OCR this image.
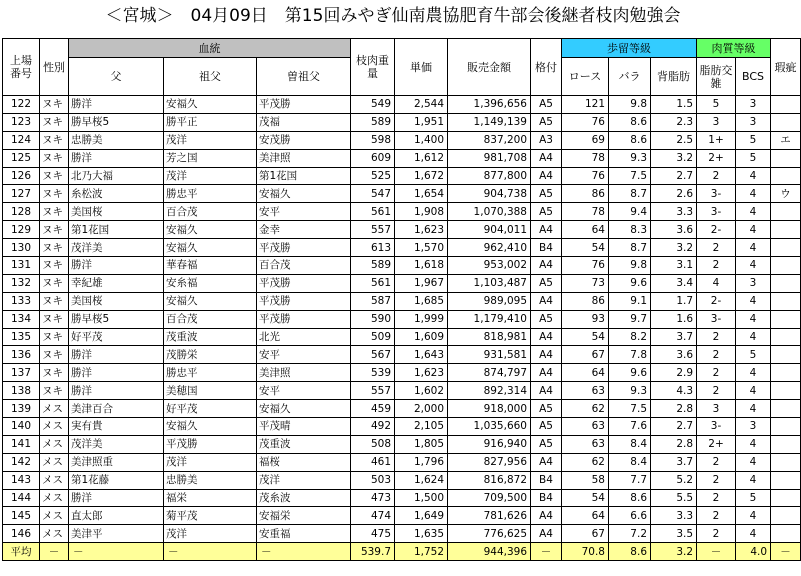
＜宮城＞　04月09日　第15回みやぎ仙南農協肥育牛部会後継者枝肉勉強会
上場番号	性別	血統			枝肉重量	単価	販売金額	格付	歩留等級			肉質等級		瑕疵
		父	祖父	曽祖父					ロース	バラ	背脂肪	脂肪交雑	BCS	
122	ヌキ	勝洋	安福久	平茂勝	549	2,544	1,396,656	A5	121	9.8	1.5	5	3	
123	ヌキ	勝早桜5	勝平正	茂福	589	1,951	1,149,139	A5	76	8.6	2.3	3	3	
124	ヌキ	忠勝美	茂洋	安茂勝	598	1,400	837,200	A3	69	8.6	2.5	1+	5	エ
125	ヌキ	勝洋	芳之国	美津照	609	1,612	981,708	A4	78	9.3	3.2	2+	5	
126	ヌキ	北乃大福	茂洋	第1花国	525	1,672	877,800	A4	76	7.5	2.7	2	4	
127	ヌキ	糸松波	勝忠平	安福久	547	1,654	904,738	A5	86	8.7	2.6	3-	4	ウ
128	ヌキ	美国桜	百合茂	安平	561	1,908	1,070,388	A5	78	9.4	3.3	3-	4	
129	ヌキ	第1花国	安福久	金幸	557	1,623	904,011	A4	64	8.3	3.6	2-	4	
130	ヌキ	茂洋美	安福久	平茂勝	613	1,570	962,410	B4	54	8.7	3.2	2	4	
131	ヌキ	勝洋	華春福	百合茂	589	1,618	953,002	A4	76	9.8	3.1	2	4	
132	ヌキ	幸紀雄	安糸福	平茂勝	561	1,967	1,103,487	A5	73	9.6	3.4	4	3	
133	ヌキ	美国桜	安福久	平茂勝	587	1,685	989,095	A4	86	9.1	1.7	2-	4	
134	ヌキ	勝早桜5	百合茂	平茂勝	590	1,999	1,179,410	A5	93	9.7	1.6	3-	4	
135	ヌキ	好平茂	茂重波	北光	509	1,609	818,981	A4	54	8.2	3.7	2	4	
136	ヌキ	勝洋	茂勝栄	安平	567	1,643	931,581	A4	67	7.8	3.6	2	5	
137	ヌキ	勝洋	勝忠平	美津照	539	1,623	874,797	A4	64	9.6	2.9	2	4	
138	ヌキ	勝洋	美穂国	安平	557	1,602	892,314	A4	63	9.3	4.3	2	4	
139	メス	美津百合	好平茂	安福久	459	2,000	918,000	A5	62	7.5	2.8	3	4	
140	メス	実有貴	安福久	平茂晴	492	2,105	1,035,660	A5	63	7.6	2.7	3-	3	
141	メス	茂洋美	平茂勝	茂重波	508	1,805	916,940	A5	63	8.4	2.8	2+	4	
142	メス	美津照重	茂洋	福桜	461	1,796	827,956	A4	62	8.4	3.7	2	4	
143	メス	第1花藤	忠勝美	茂洋	503	1,624	816,872	B4	58	7.7	5.2	2	4	
144	メス	勝洋	福栄	茂糸波	473	1,500	709,500	B4	54	8.6	5.5	2	5	
145	メス	直太郎	菊平茂	安福栄	474	1,649	781,626	A4	64	6.6	3.3	2	4	
146	メス	美津平	茂洋	安重福	475	1,635	776,625	A4	67	7.2	3.5	2	4	
平均	－	－	－	－	539.7	1,752	944,396	－	70.8	8.6	3.2	－	4.0	－
